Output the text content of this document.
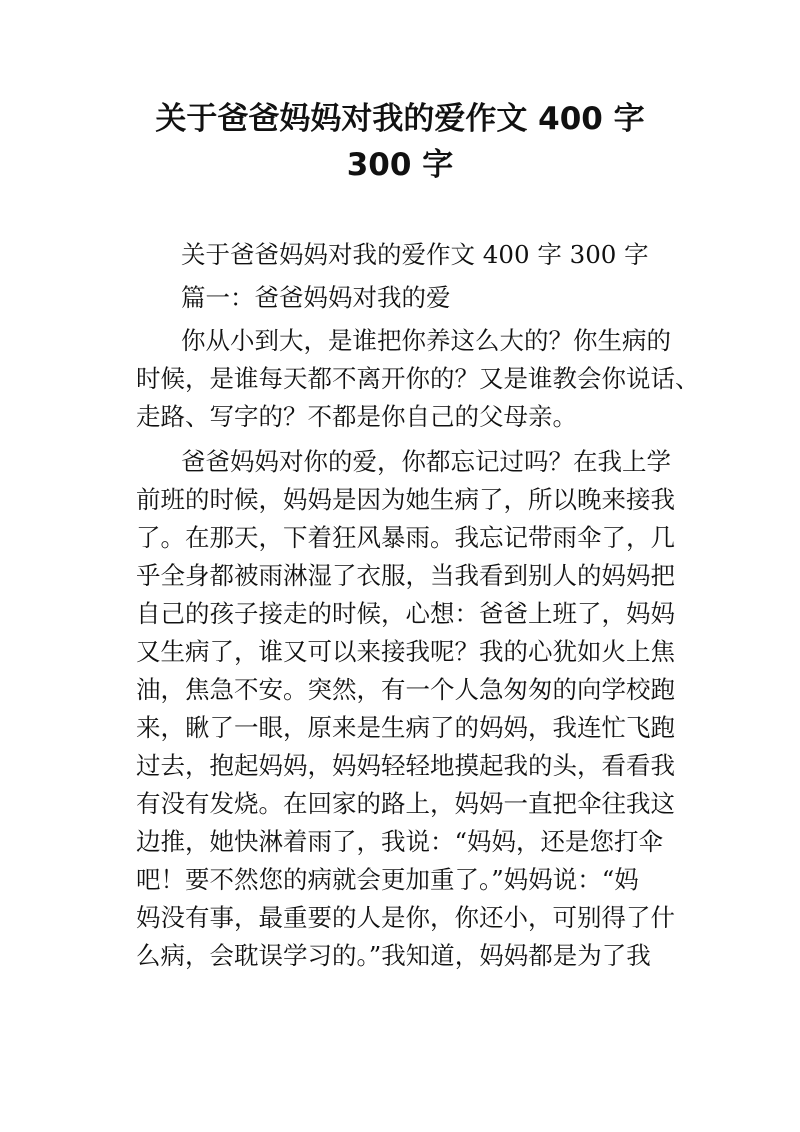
关于爸爸妈妈对我的爱作文 400 字
300 字

关于爸爸妈妈对我的爱作文 400 字 300 字

篇一：爸爸妈妈对我的爱

你从小到大，是谁把你养这么大的？你生病的
时候，是谁每天都不离开你的？又是谁教会你说话、
走路、写字的？不都是你自己的父母亲。

爸爸妈妈对你的爱，你都忘记过吗？在我上学
前班的时候，妈妈是因为她生病了，所以晚来接我
了。在那天，下着狂风暴雨。我忘记带雨伞了，几
乎全身都被雨淋湿了衣服，当我看到别人的妈妈把
自己的孩子接走的时候，心想：爸爸上班了，妈妈
又生病了，谁又可以来接我呢？我的心犹如火上焦
油，焦急不安。突然，有一个人急匆匆的向学校跑
来，瞅了一眼，原来是生病了的妈妈，我连忙飞跑
过去，抱起妈妈，妈妈轻轻地摸起我的头，看看我
有没有发烧。在回家的路上，妈妈一直把伞往我这
边推，她快淋着雨了，我说：“妈妈，还是您打伞
吧！要不然您的病就会更加重了。”妈妈说：“妈
妈没有事，最重要的人是你，你还小，可别得了什
么病，会耽误学习的。”我知道，妈妈都是为了我
